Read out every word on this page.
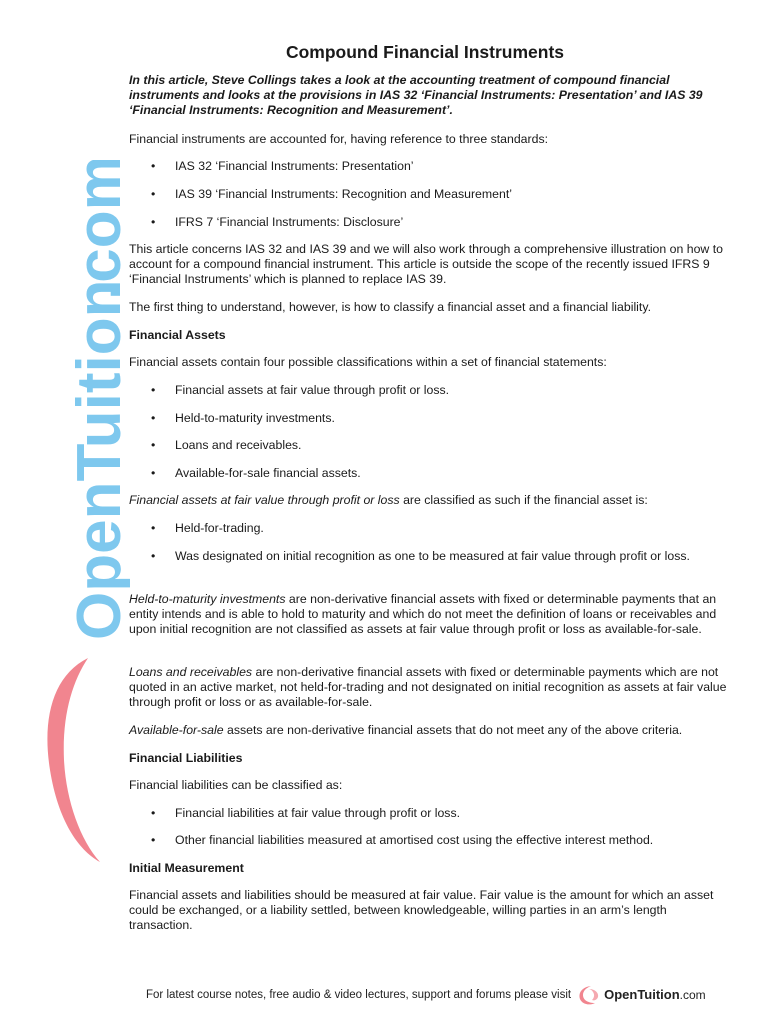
OpenTuition
.com
Compound Financial Instruments

In this article, Steve Collings takes a look at the accounting treatment of compound financial instruments and looks at the provisions in IAS 32 ‘Financial Instruments: Presentation’ and IAS 39 ‘Financial Instruments: Recognition and Measurement’.

Financial instruments are accounted for, having reference to three standards:

• IAS 32 ‘Financial Instruments: Presentation’
• IAS 39 ‘Financial Instruments: Recognition and Measurement’
• IFRS 7 ‘Financial Instruments: Disclosure’

This article concerns IAS 32 and IAS 39 and we will also work through a comprehensive illustration on how to account for a compound financial instrument. This article is outside the scope of the recently issued IFRS 9 ‘Financial Instruments’ which is planned to replace IAS 39.

The first thing to understand, however, is how to classify a financial asset and a financial liability.

Financial Assets

Financial assets contain four possible classifications within a set of financial statements:

• Financial assets at fair value through profit or loss.
• Held-to-maturity investments.
• Loans and receivables.
• Available-for-sale financial assets.

Financial assets at fair value through profit or loss are classified as such if the financial asset is:

• Held-for-trading.
• Was designated on initial recognition as one to be measured at fair value through profit or loss.

Held-to-maturity investments are non-derivative financial assets with fixed or determinable payments that an entity intends and is able to hold to maturity and which do not meet the definition of loans or receivables and upon initial recognition are not classified as assets at fair value through profit or loss as available-for-sale.

Loans and receivables are non-derivative financial assets with fixed or determinable payments which are not quoted in an active market, not held-for-trading and not designated on initial recognition as assets at fair value through profit or loss or as available-for-sale.

Available-for-sale assets are non-derivative financial assets that do not meet any of the above criteria.

Financial Liabilities

Financial liabilities can be classified as:

• Financial liabilities at fair value through profit or loss.
• Other financial liabilities measured at amortised cost using the effective interest method.

Initial Measurement

Financial assets and liabilities should be measured at fair value. Fair value is the amount for which an asset could be exchanged, or a liability settled, between knowledgeable, willing parties in an arm’s length transaction.

For latest course notes, free audio & video lectures, support and forums please visit	OpenTuition .com
